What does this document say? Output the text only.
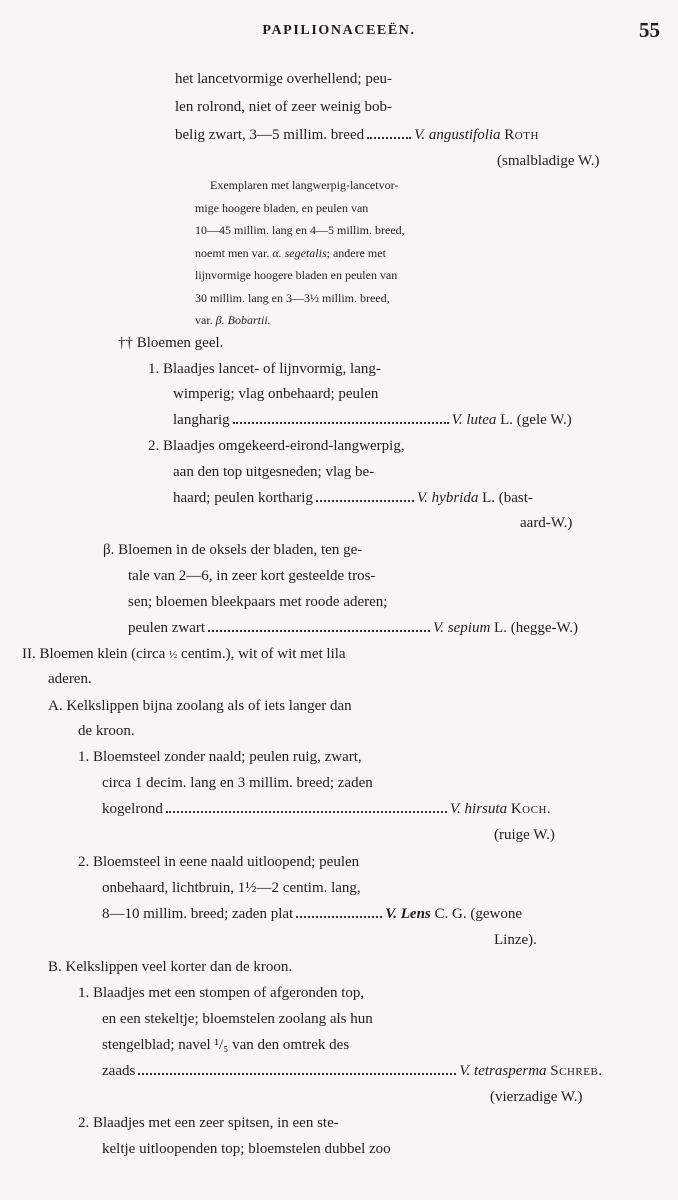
PAPILIONACEEËN.	55
het lancetvormige overhellend; peu-
len rolrond, niet of zeer weinig bob-
belig zwart, 3—5 millim. breed	V. angustifolia Roth
(smalbladige W.)
Exemplaren met langwerpig-lancetvor-
mige hoogere bladen, en peulen van
10—45 millim. lang en 4—5 millim. breed,
noemt men var. α. segetalis; andere met
lijnvormige hoogere bladen en peulen van
30 millim. lang en 3—3½ millim. breed,
var. β. Bobartii.
†† Bloemen geel.
1. Blaadjes lancet- of lijnvormig, lang-
wimperig; vlag onbehaard; peulen
langharig	V. lutea L. (gele W.)
2. Blaadjes omgekeerd-eirond-langwerpig,
aan den top uitgesneden; vlag be-
haard; peulen kortharig	V. hybrida L. (bast-
aard-W.)
β. Bloemen in de oksels der bladen, ten ge-
tale van 2—6, in zeer kort gesteelde tros-
sen; bloemen bleekpaars met roode aderen;
peulen zwart	V. sepium L. (hegge-W.)
II. Bloemen klein (circa ½ centim.), wit of wit met lila
aderen.
A. Kelkslippen bijna zoolang als of iets langer dan
de kroon.
1. Bloemsteel zonder naald; peulen ruig, zwart,
circa 1 decim. lang en 3 millim. breed; zaden
kogelrond	V. hirsuta Koch.
(ruige W.)
2. Bloemsteel in eene naald uitloopend; peulen
onbehaard, lichtbruin, 1½—2 centim. lang,
8—10 millim. breed; zaden plat	V. Lens C. G. (gewone
Linze).
B. Kelkslippen veel korter dan de kroon.
1. Blaadjes met een stompen of afgeronden top,
en een stekeltje; bloemstelen zoolang als hun
stengelblad; navel ¹/₅ van den omtrek des
zaads	V. tetrasperma Schreb.
(vierzadige W.)
2. Blaadjes met een zeer spitsen, in een ste-
keltje uitloopenden top; bloemstelen dubbel zoo
